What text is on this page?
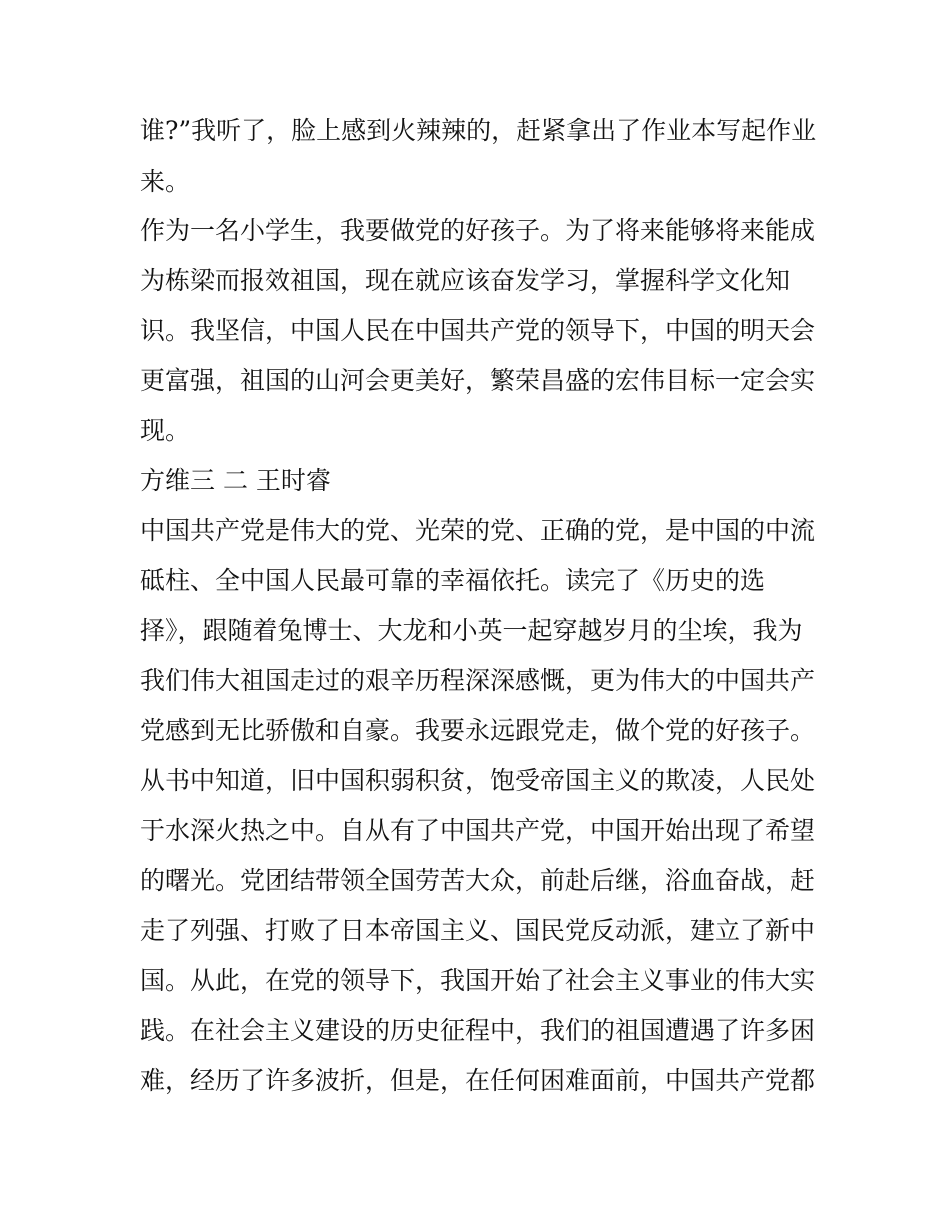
谁?”我听了，脸上感到火辣辣的，赶紧拿出了作业本写起作业
来。
作为一名小学生，我要做党的好孩子。为了将来能够将来能成
为栋梁而报效祖国，现在就应该奋发学习，掌握科学文化知
识。我坚信，中国人民在中国共产党的领导下，中国的明天会
更富强，祖国的山河会更美好，繁荣昌盛的宏伟目标一定会实
现。
方维三 二 王时睿
中国共产党是伟大的党、光荣的党、正确的党，是中国的中流
砥柱、全中国人民最可靠的幸福依托。读完了《历史的选
择》，跟随着兔博士、大龙和小英一起穿越岁月的尘埃，我为
我们伟大祖国走过的艰辛历程深深感慨，更为伟大的中国共产
党感到无比骄傲和自豪。我要永远跟党走，做个党的好孩子。
从书中知道，旧中国积弱积贫，饱受帝国主义的欺凌，人民处
于水深火热之中。自从有了中国共产党，中国开始出现了希望
的曙光。党团结带领全国劳苦大众，前赴后继，浴血奋战，赶
走了列强、打败了日本帝国主义、国民党反动派，建立了新中
国。从此，在党的领导下，我国开始了社会主义事业的伟大实
践。在社会主义建设的历史征程中，我们的祖国遭遇了许多困
难，经历了许多波折，但是，在任何困难面前，中国共产党都
